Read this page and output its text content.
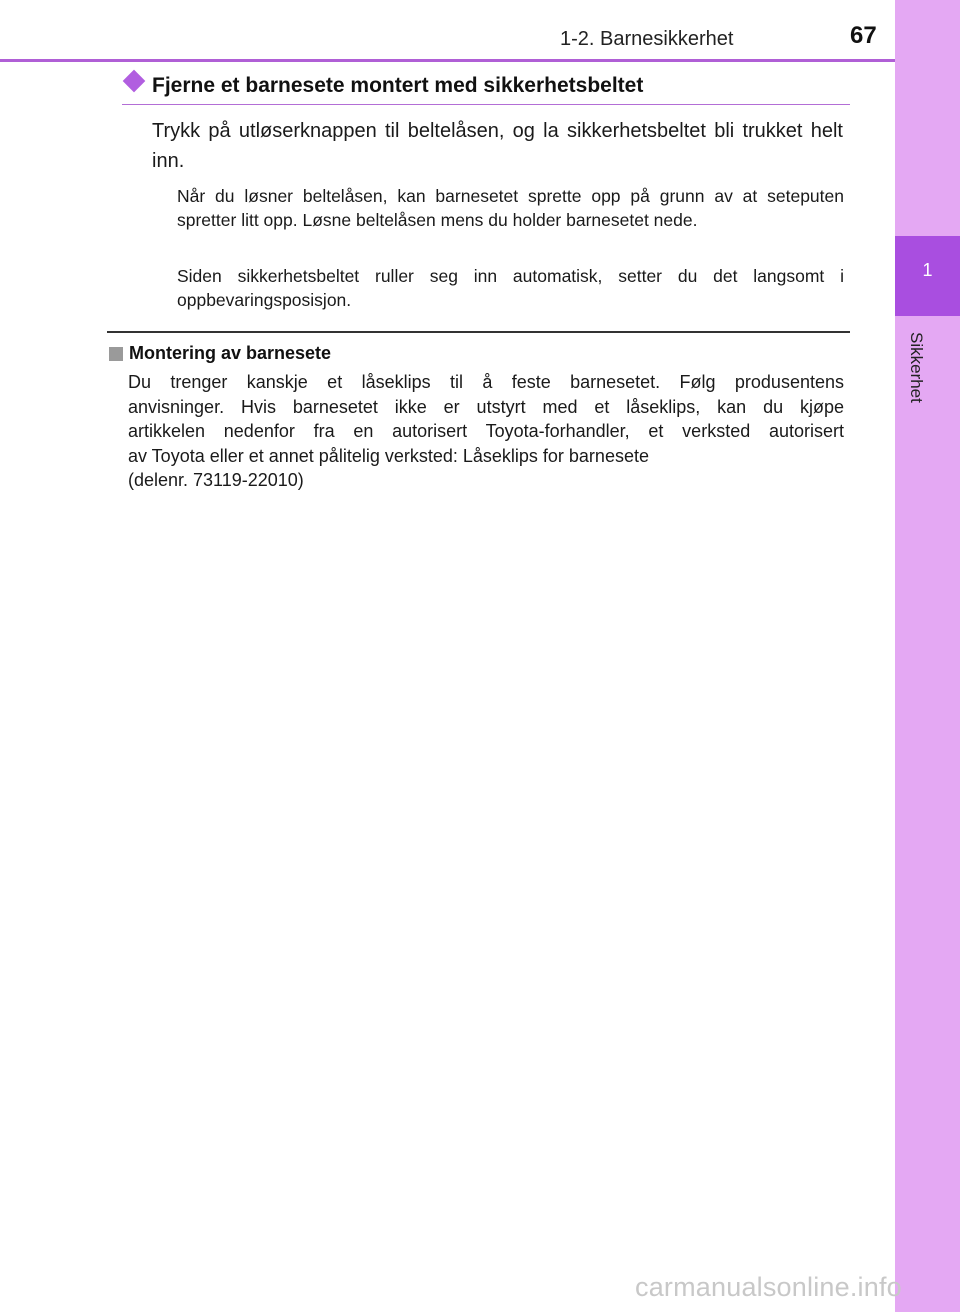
1-2. Barnesikkerhet	67
1
Sikkerhet
Fjerne et barnesete montert med sikkerhetsbeltet
Trykk på utløserknappen til beltelåsen, og la sikkerhetsbeltet bli trukket helt inn.
Når du løsner beltelåsen, kan barnesetet sprette opp på grunn av at seteputen spretter litt opp. Løsne beltelåsen mens du holder barnesetet nede.
Siden sikkerhetsbeltet ruller seg inn automatisk, setter du det langsomt i oppbevaringsposisjon.
Montering av barnesete
Du trenger kanskje et låseklips til å feste barnesetet. Følg produsentens
anvisninger. Hvis barnesetet ikke er utstyrt med et låseklips, kan du kjøpe
artikkelen nedenfor fra en autorisert Toyota-forhandler, et verksted autorisert
av Toyota eller et annet pålitelig verksted: Låseklips for barnesete
(delenr. 73119-22010)
carmanualsonline.info
